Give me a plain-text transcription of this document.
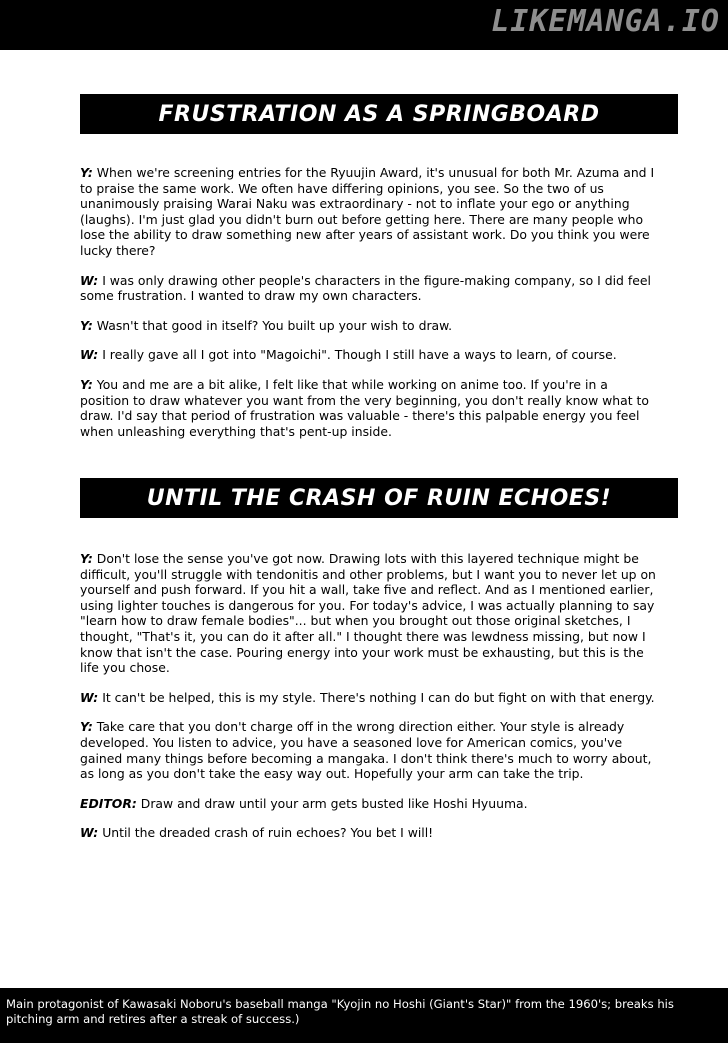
LIKEMANGA.IO
FRUSTRATION AS A SPRINGBOARD

Y: When we're screening entries for the Ryuujin Award, it's unusual for both Mr. Azuma and I to praise the same work. We often have differing opinions, you see. So the two of us unanimously praising Warai Naku was extraordinary - not to inflate your ego or anything (laughs). I'm just glad you didn't burn out before getting here. There are many people who lose the ability to draw something new after years of assistant work. Do you think you were lucky there?

W: I was only drawing other people's characters in the figure-making company, so I did feel some frustration. I wanted to draw my own characters.

Y: Wasn't that good in itself? You built up your wish to draw.

W: I really gave all I got into "Magoichi". Though I still have a ways to learn, of course.

Y: You and me are a bit alike, I felt like that while working on anime too. If you're in a position to draw whatever you want from the very beginning, you don't really know what to draw. I'd say that period of frustration was valuable - there's this palpable energy you feel when unleashing everything that's pent-up inside.

UNTIL THE CRASH OF RUIN ECHOES!

Y: Don't lose the sense you've got now. Drawing lots with this layered technique might be difficult, you'll struggle with tendonitis and other problems, but I want you to never let up on yourself and push forward. If you hit a wall, take five and reflect. And as I mentioned earlier, using lighter touches is dangerous for you. For today's advice, I was actually planning to say "learn how to draw female bodies"... but when you brought out those original sketches, I thought, "That's it, you can do it after all." I thought there was lewdness missing, but now I know that isn't the case. Pouring energy into your work must be exhausting, but this is the life you chose.

W: It can't be helped, this is my style. There's nothing I can do but fight on with that energy.

Y: Take care that you don't charge off in the wrong direction either. Your style is already developed. You listen to advice, you have a seasoned love for American comics, you've gained many things before becoming a mangaka. I don't think there's much to worry about, as long as you don't take the easy way out. Hopefully your arm can take the trip.

EDITOR: Draw and draw until your arm gets busted like Hoshi Hyuuma.

W: Until the dreaded crash of ruin echoes? You bet I will!

Main protagonist of Kawasaki Noboru's baseball manga "Kyojin no Hoshi (Giant's Star)" from the 1960's; breaks his pitching arm and retires after a streak of success.)
